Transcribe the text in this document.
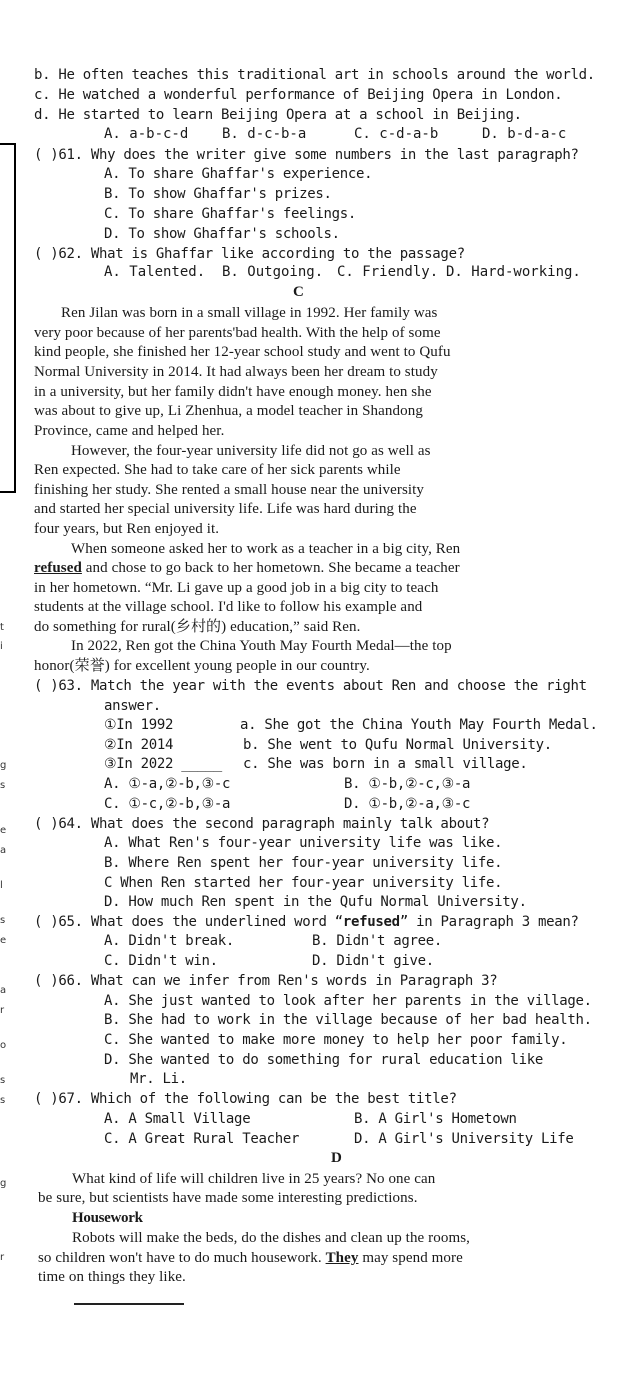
b. He often teaches this traditional art in schools around the world.
c. He watched a wonderful performance of Beijing Opera in London.
d. He started to learn Beijing Opera at a school in Beijing.
A. a-b-c-d B. d-c-b-a	C. c-d-a-b	D. b-d-a-c
( )61. Why does the writer give some numbers in the last paragraph?
A. To share Ghaffar's experience.
B. To show Ghaffar's prizes.
C. To share Ghaffar's feelings.
D. To show Ghaffar's schools.
( )62. What is Ghaffar like according to the passage?
A. Talented. B. Outgoing. C. Friendly. D. Hard-working.
C
Ren Jilan was born in a small village in 1992. Her family was
very poor because of her parents'bad health. With the help of some
kind people, she finished her 12-year school study and went to Qufu
Normal University in 2014. It had always been her dream to study
in a university, but her family didn't have enough money. hen she
was about to give up, Li Zhenhua, a model teacher in Shandong
Province, came and helped her.
However, the four-year university life did not go as well as
Ren expected. She had to take care of her sick parents while
finishing her study. She rented a small house near the university
and started her special university life. Life was hard during the
four years, but Ren enjoyed it.
When someone asked her to work as a teacher in a big city, Ren
refused and chose to go back to her hometown. She became a teacher
in her hometown. “Mr. Li gave up a good job in a big city to teach
students at the village school. I'd like to follow his example and
do something for rural(乡村的) education,” said Ren.
In 2022, Ren got the China Youth May Fourth Medal—the top
honor(荣誉) for excellent young people in our country.
( )63. Match the year with the events about Ren and choose the right
answer.
①In 1992
②In 2014
③In 2022 _____
a. She got the China Youth May Fourth Medal.
b. She went to Qufu Normal University.
c. She was born in a small village.
A. ①-a,②-b,③-c	B. ①-b,②-c,③-a
C. ①-c,②-b,③-a	D. ①-b,②-a,③-c
( )64. What does the second paragraph mainly talk about?
A. What Ren's four-year university life was like.
B. Where Ren spent her four-year university life.
C When Ren started her four-year university life.
D. How much Ren spent in the Qufu Normal University.
( )65. What does the underlined word “refused” in Paragraph 3 mean?
A. Didn't break.	B. Didn't agree.
C. Didn't win.	D. Didn't give.
( )66. What can we infer from Ren's words in Paragraph 3?
A. She just wanted to look after her parents in the village.
B. She had to work in the village because of her bad health.
C. She wanted to make more money to help her poor family.
D. She wanted to do something for rural education like
Mr. Li.
( )67. Which of the following can be the best title?
A. A Small Village	B. A Girl's Hometown
C. A Great Rural Teacher	D. A Girl's University Life
D
What kind of life will children live in 25 years? No one can
be sure, but scientists have made some interesting predictions.
Housework
Robots will make the beds, do the dishes and clean up the rooms,
so children won't have to do much housework. They may spend more
time on things they like.
t
i
g
s
e
a
l
s
e
a
r
o
s
s
g
r
